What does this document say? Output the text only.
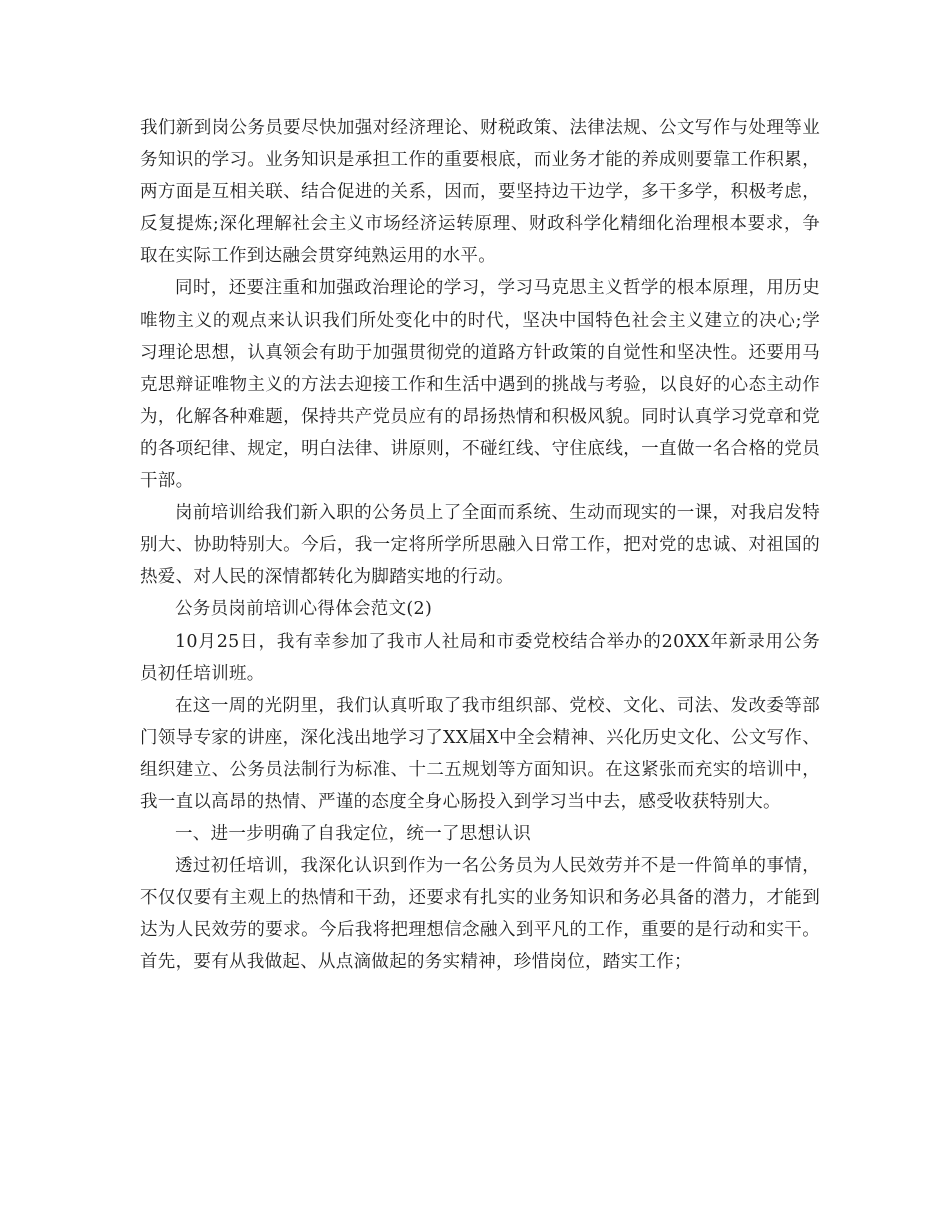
我们新到岗公务员要尽快加强对经济理论、财税政策、法律法规、公文写作与处理等业务知识的学习。业务知识是承担工作的重要根底，而业务才能的养成则要靠工作积累，两方面是互相关联、结合促进的关系，因而，要坚持边干边学，多干多学，积极考虑，反复提炼;深化理解社会主义市场经济运转原理、财政科学化精细化治理根本要求，争取在实际工作到达融会贯穿纯熟运用的水平。

同时，还要注重和加强政治理论的学习，学习马克思主义哲学的根本原理，用历史唯物主义的观点来认识我们所处变化中的时代，坚决中国特色社会主义建立的决心;学习理论思想，认真领会有助于加强贯彻党的道路方针政策的自觉性和坚决性。还要用马克思辩证唯物主义的方法去迎接工作和生活中遇到的挑战与考验，以良好的心态主动作为，化解各种难题，保持共产党员应有的昂扬热情和积极风貌。同时认真学习党章和党的各项纪律、规定，明白法律、讲原则，不碰红线、守住底线，一直做一名合格的党员干部。

岗前培训给我们新入职的公务员上了全面而系统、生动而现实的一课，对我启发特别大、协助特别大。今后，我一定将所学所思融入日常工作，把对党的忠诚、对祖国的热爱、对人民的深情都转化为脚踏实地的行动。

公务员岗前培训心得体会范文(2)

10月25日，我有幸参加了我市人社局和市委党校结合举办的20XX年新录用公务员初任培训班。

在这一周的光阴里，我们认真听取了我市组织部、党校、文化、司法、发改委等部门领导专家的讲座，深化浅出地学习了XX届X中全会精神、兴化历史文化、公文写作、组织建立、公务员法制行为标准、十二五规划等方面知识。在这紧张而充实的培训中，我一直以高昂的热情、严谨的态度全身心肠投入到学习当中去，感受收获特别大。

一、进一步明确了自我定位，统一了思想认识

透过初任培训，我深化认识到作为一名公务员为人民效劳并不是一件简单的事情，不仅仅要有主观上的热情和干劲，还要求有扎实的业务知识和务必具备的潜力，才能到达为人民效劳的要求。今后我将把理想信念融入到平凡的工作，重要的是行动和实干。首先，要有从我做起、从点滴做起的务实精神，珍惜岗位，踏实工作；
